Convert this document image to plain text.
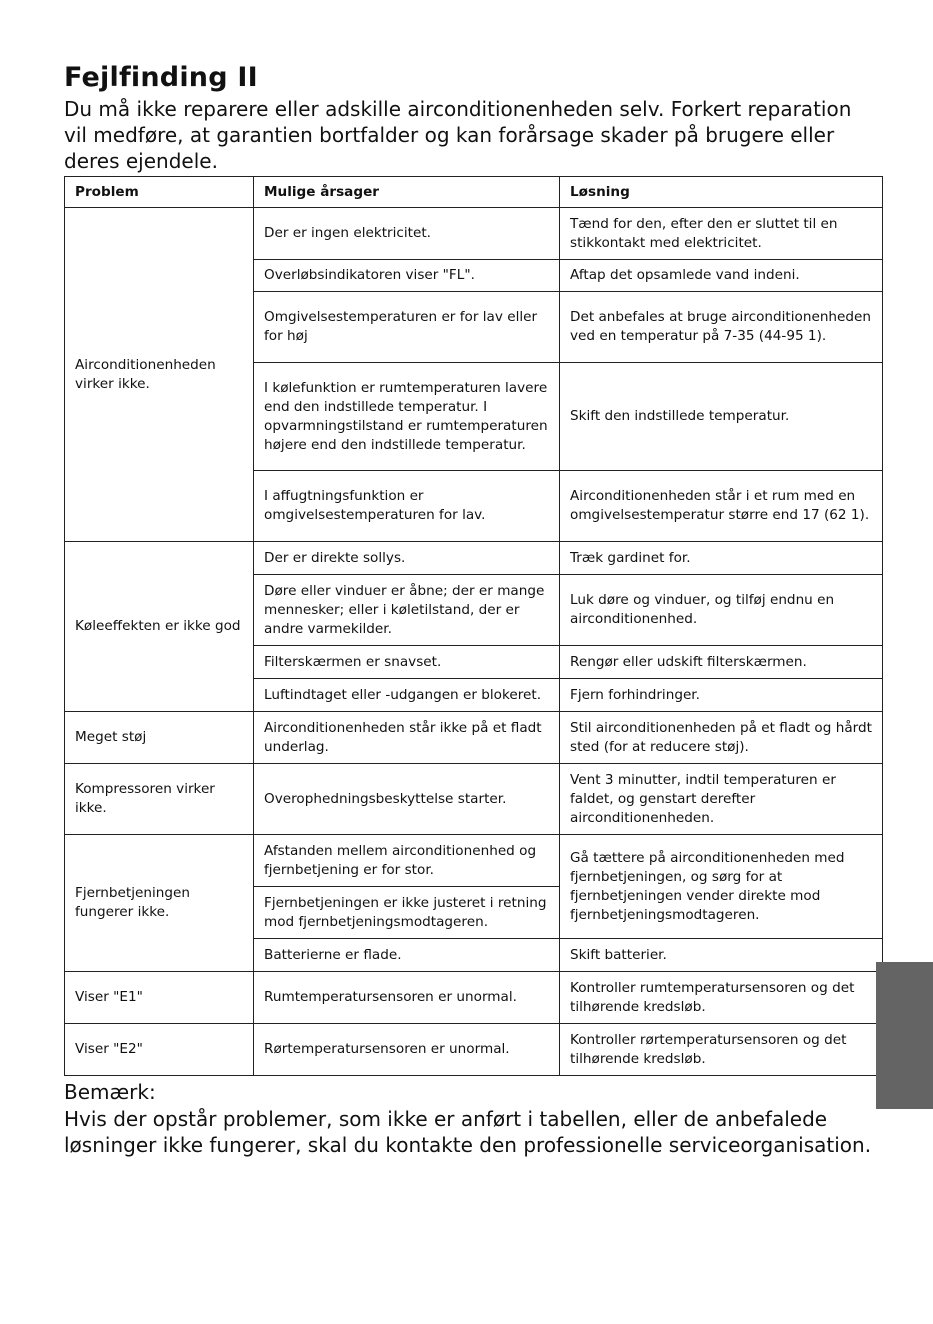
Fejlfinding II
Du må ikke reparere eller adskille airconditionenheden selv. Forkert reparation vil medføre, at garantien bortfalder og kan forårsage skader på brugere eller deres ejendele.
Problem	Mulige årsager	Løsning
Airconditionenheden virker ikke.	Der er ingen elektricitet.	Tænd for den, efter den er sluttet til en stikkontakt med elektricitet.
	Overløbsindikatoren viser "FL".	Aftap det opsamlede vand indeni.
	Omgivelsestemperaturen er for lav eller for høj	Det anbefales at bruge airconditionenheden ved en temperatur på 7-35 (44-95 1).
	I kølefunktion er rumtemperaturen lavere end den indstillede temperatur. I opvarmningstilstand er rumtemperaturen højere end den indstillede temperatur.	Skift den indstillede temperatur.
	I affugtningsfunktion er omgivelsestemperaturen for lav.	Airconditionenheden står i et rum med en omgivelsestemperatur større end 17 (62 1).
Køleeffekten er ikke god	Der er direkte sollys.	Træk gardinet for.
	Døre eller vinduer er åbne; der er mange mennesker; eller i køletilstand, der er andre varmekilder.	Luk døre og vinduer, og tilføj endnu en airconditionenhed.
	Filterskærmen er snavset.	Rengør eller udskift filterskærmen.
	Luftindtaget eller -udgangen er blokeret.	Fjern forhindringer.
Meget støj	Airconditionenheden står ikke på et fladt underlag.	Stil airconditionenheden på et fladt og hårdt sted (for at reducere støj).
Kompressoren virker ikke.	Overophedningsbeskyttelse starter.	Vent 3 minutter, indtil temperaturen er faldet, og genstart derefter airconditionenheden.
Fjernbetjeningen fungerer ikke.	Afstanden mellem airconditionenhed og fjernbetjening er for stor.	Gå tættere på airconditionenheden med fjernbetjeningen, og sørg for at fjernbetjeningen vender direkte mod fjernbetjeningsmodtageren.
	Fjernbetjeningen er ikke justeret i retning mod fjernbetjeningsmodtageren.	
	Batterierne er flade.	Skift batterier.
Viser "E1"	Rumtemperatursensoren er unormal.	Kontroller rumtemperatursensoren og det tilhørende kredsløb.
Viser "E2"	Rørtemperatursensoren er unormal.	Kontroller rørtemperatursensoren og det tilhørende kredsløb.
Bemærk:
Hvis der opstår problemer, som ikke er anført i tabellen, eller de anbefalede løsninger ikke fungerer, skal du kontakte den professionelle serviceorganisation.
